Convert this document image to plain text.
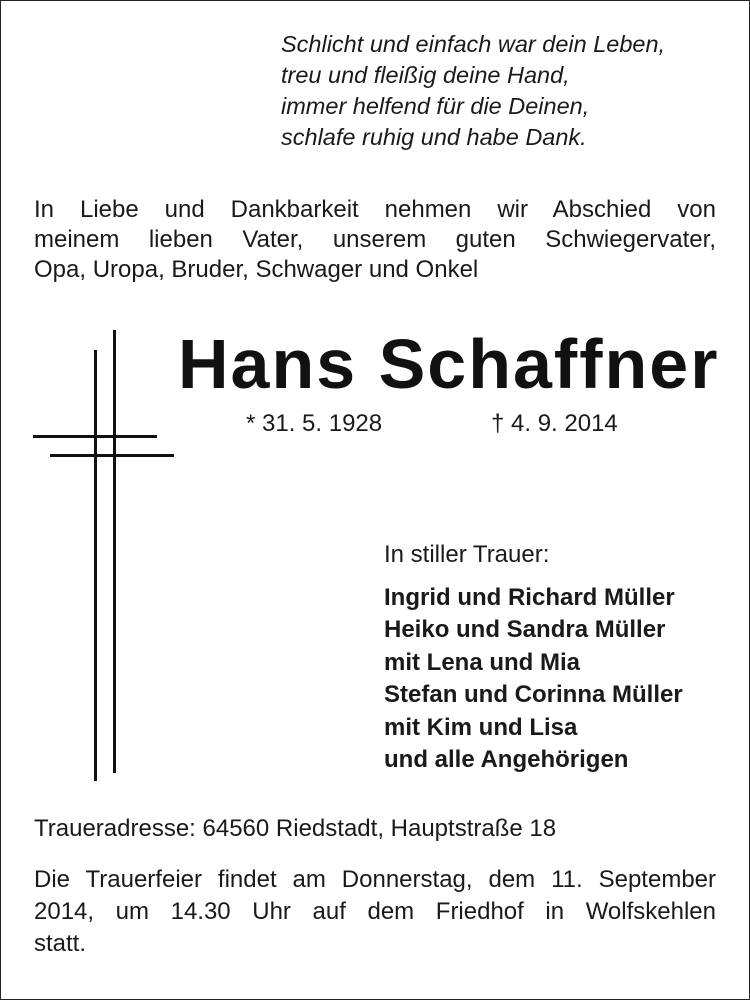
Schlicht und einfach war dein Leben,
treu und fleißig deine Hand,
immer helfend für die Deinen,
schlafe ruhig und habe Dank.
In Liebe und Dankbarkeit nehmen wir Abschied von
meinem lieben Vater, unserem guten Schwiegervater,
Opa, Uropa, Bruder, Schwager und Onkel
Hans Schaffner
* 31. 5. 1928	† 4. 9. 2014
In stiller Trauer:
Ingrid und Richard Müller
Heiko und Sandra Müller
mit Lena und Mia
Stefan und Corinna Müller
mit Kim und Lisa
und alle Angehörigen
Traueradresse: 64560 Riedstadt, Hauptstraße 18
Die Trauerfeier findet am Donnerstag, dem 11. September
2014, um 14.30 Uhr auf dem Friedhof in Wolfskehlen
statt.
